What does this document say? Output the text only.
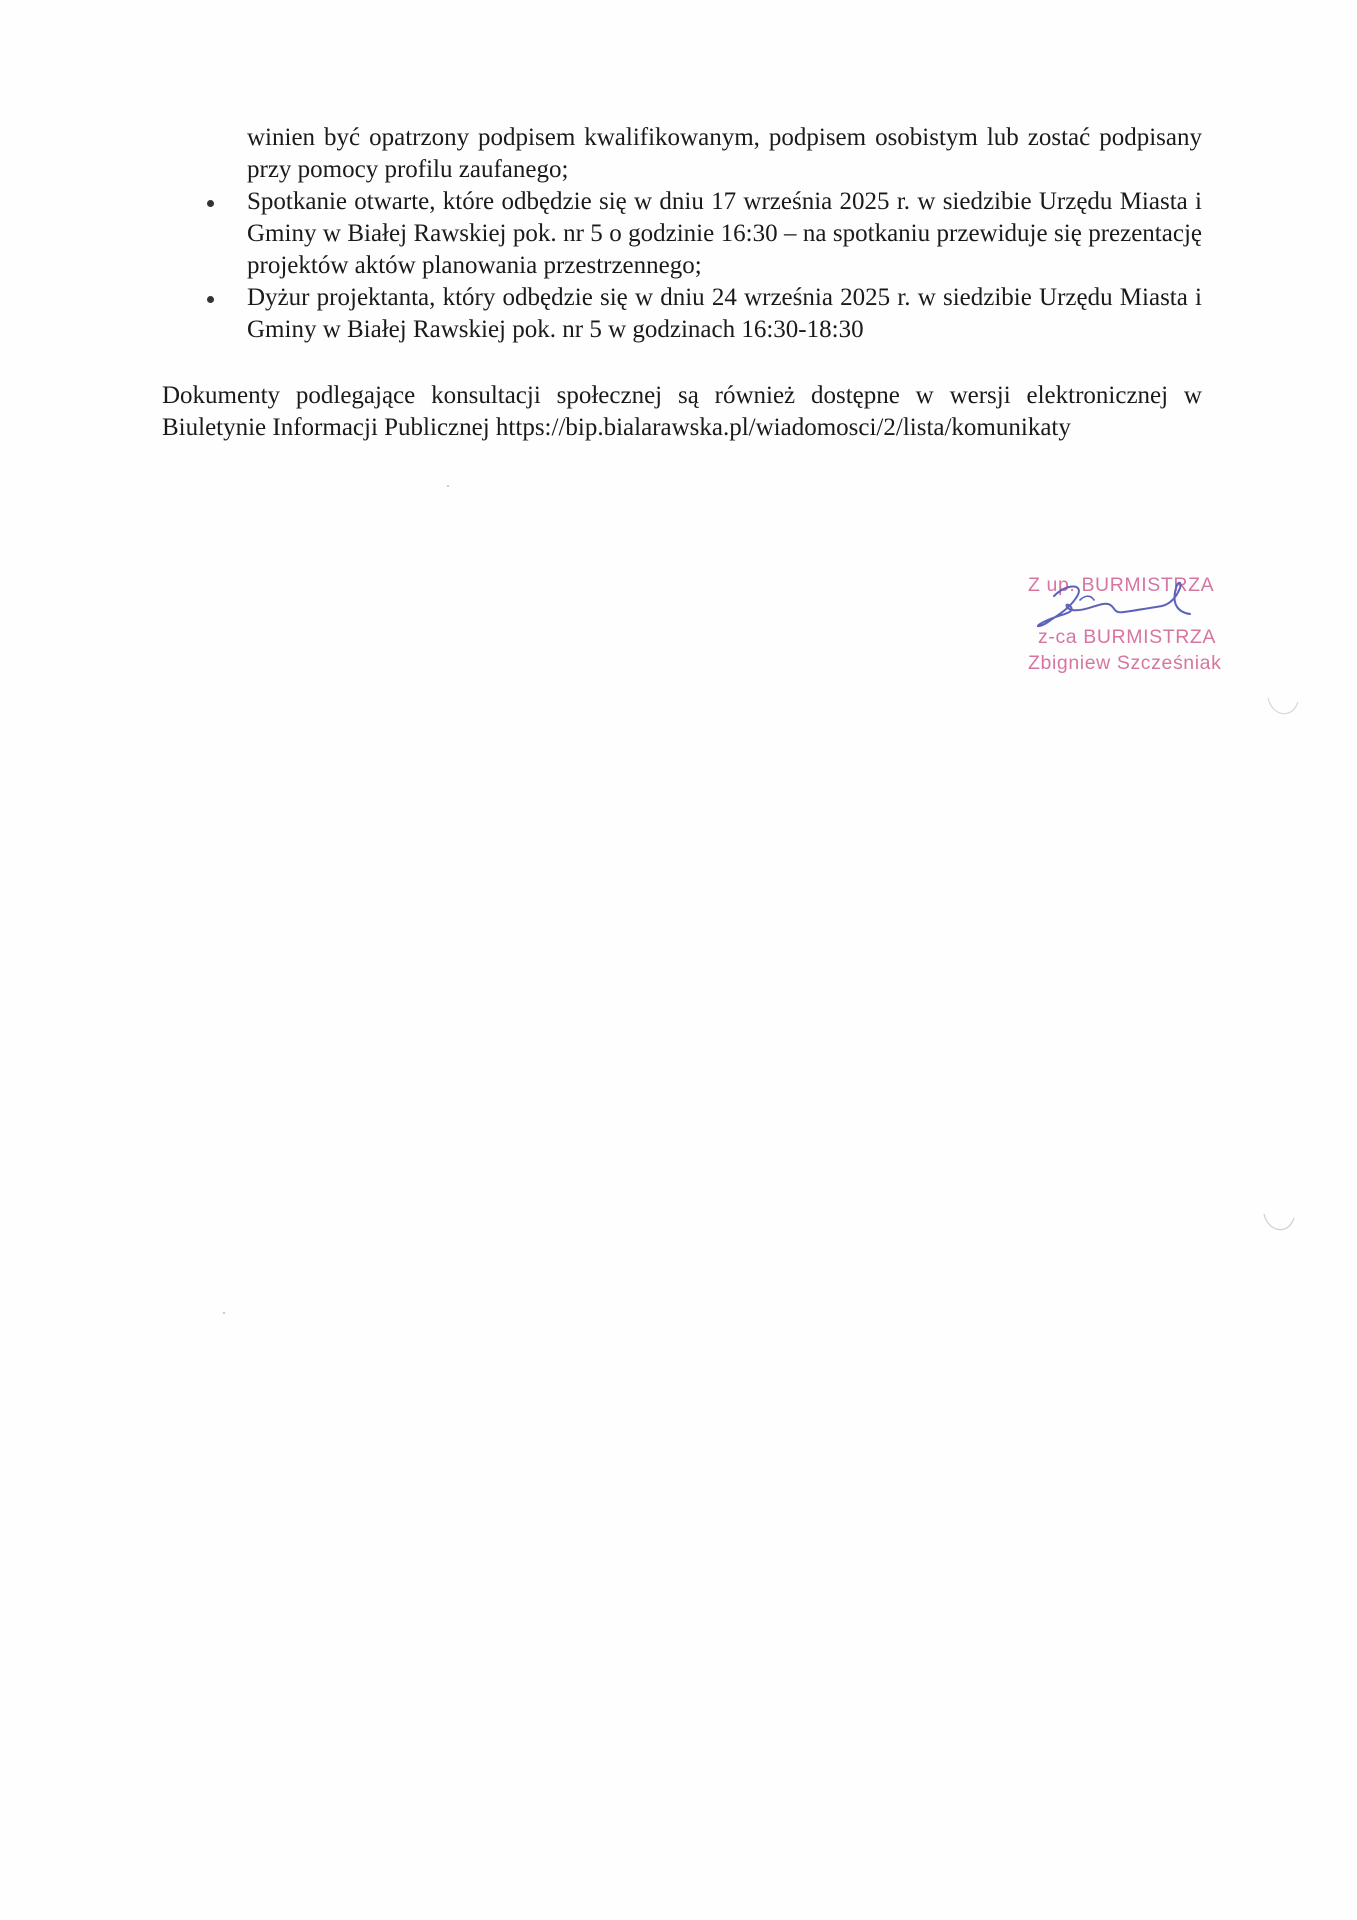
winien być opatrzony podpisem kwalifikowanym, podpisem osobistym lub zostać podpisany przy pomocy profilu zaufanego;

Spotkanie otwarte, które odbędzie się w dniu 17 września 2025 r. w siedzibie Urzędu Miasta i Gminy w Białej Rawskiej pok. nr 5 o godzinie 16:30 – na spotkaniu przewiduje się prezentację projektów aktów planowania przestrzennego;
Dyżur projektanta, który odbędzie się w dniu 24 września 2025 r. w siedzibie Urzędu Miasta i Gminy w Białej Rawskiej pok. nr 5 w godzinach 16:30-18:30

Dokumenty podlegające konsultacji społecznej są również dostępne w wersji elektronicznej w Biuletynie Informacji Publicznej https://bip.bialarawska.pl/wiadomosci/2/lista/komunikaty

Z up. BURMISTRZA
z-ca BURMISTRZA
Zbigniew Szcześniak
